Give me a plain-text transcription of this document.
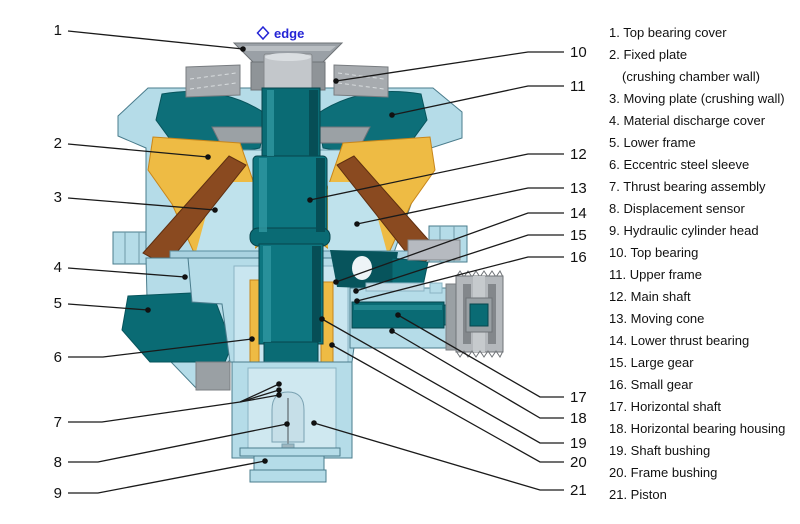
edge
1
2
3
4
5
6
7
8
9
10
11
12
13
14
15
16
17
18
19
20
21
1. Top bearing cover
2. Fixed plate
(crushing chamber wall)
3. Moving plate (crushing wall)
4. Material discharge cover
5. Lower frame
6. Eccentric steel sleeve
7. Thrust bearing assembly
8. Displacement sensor
9. Hydraulic cylinder head
10. Top bearing
11. Upper frame
12. Main shaft
13. Moving cone
14. Lower thrust bearing
15. Large gear
16. Small gear
17. Horizontal shaft
18. Horizontal bearing housing
19. Shaft bushing
20. Frame bushing
21. Piston
